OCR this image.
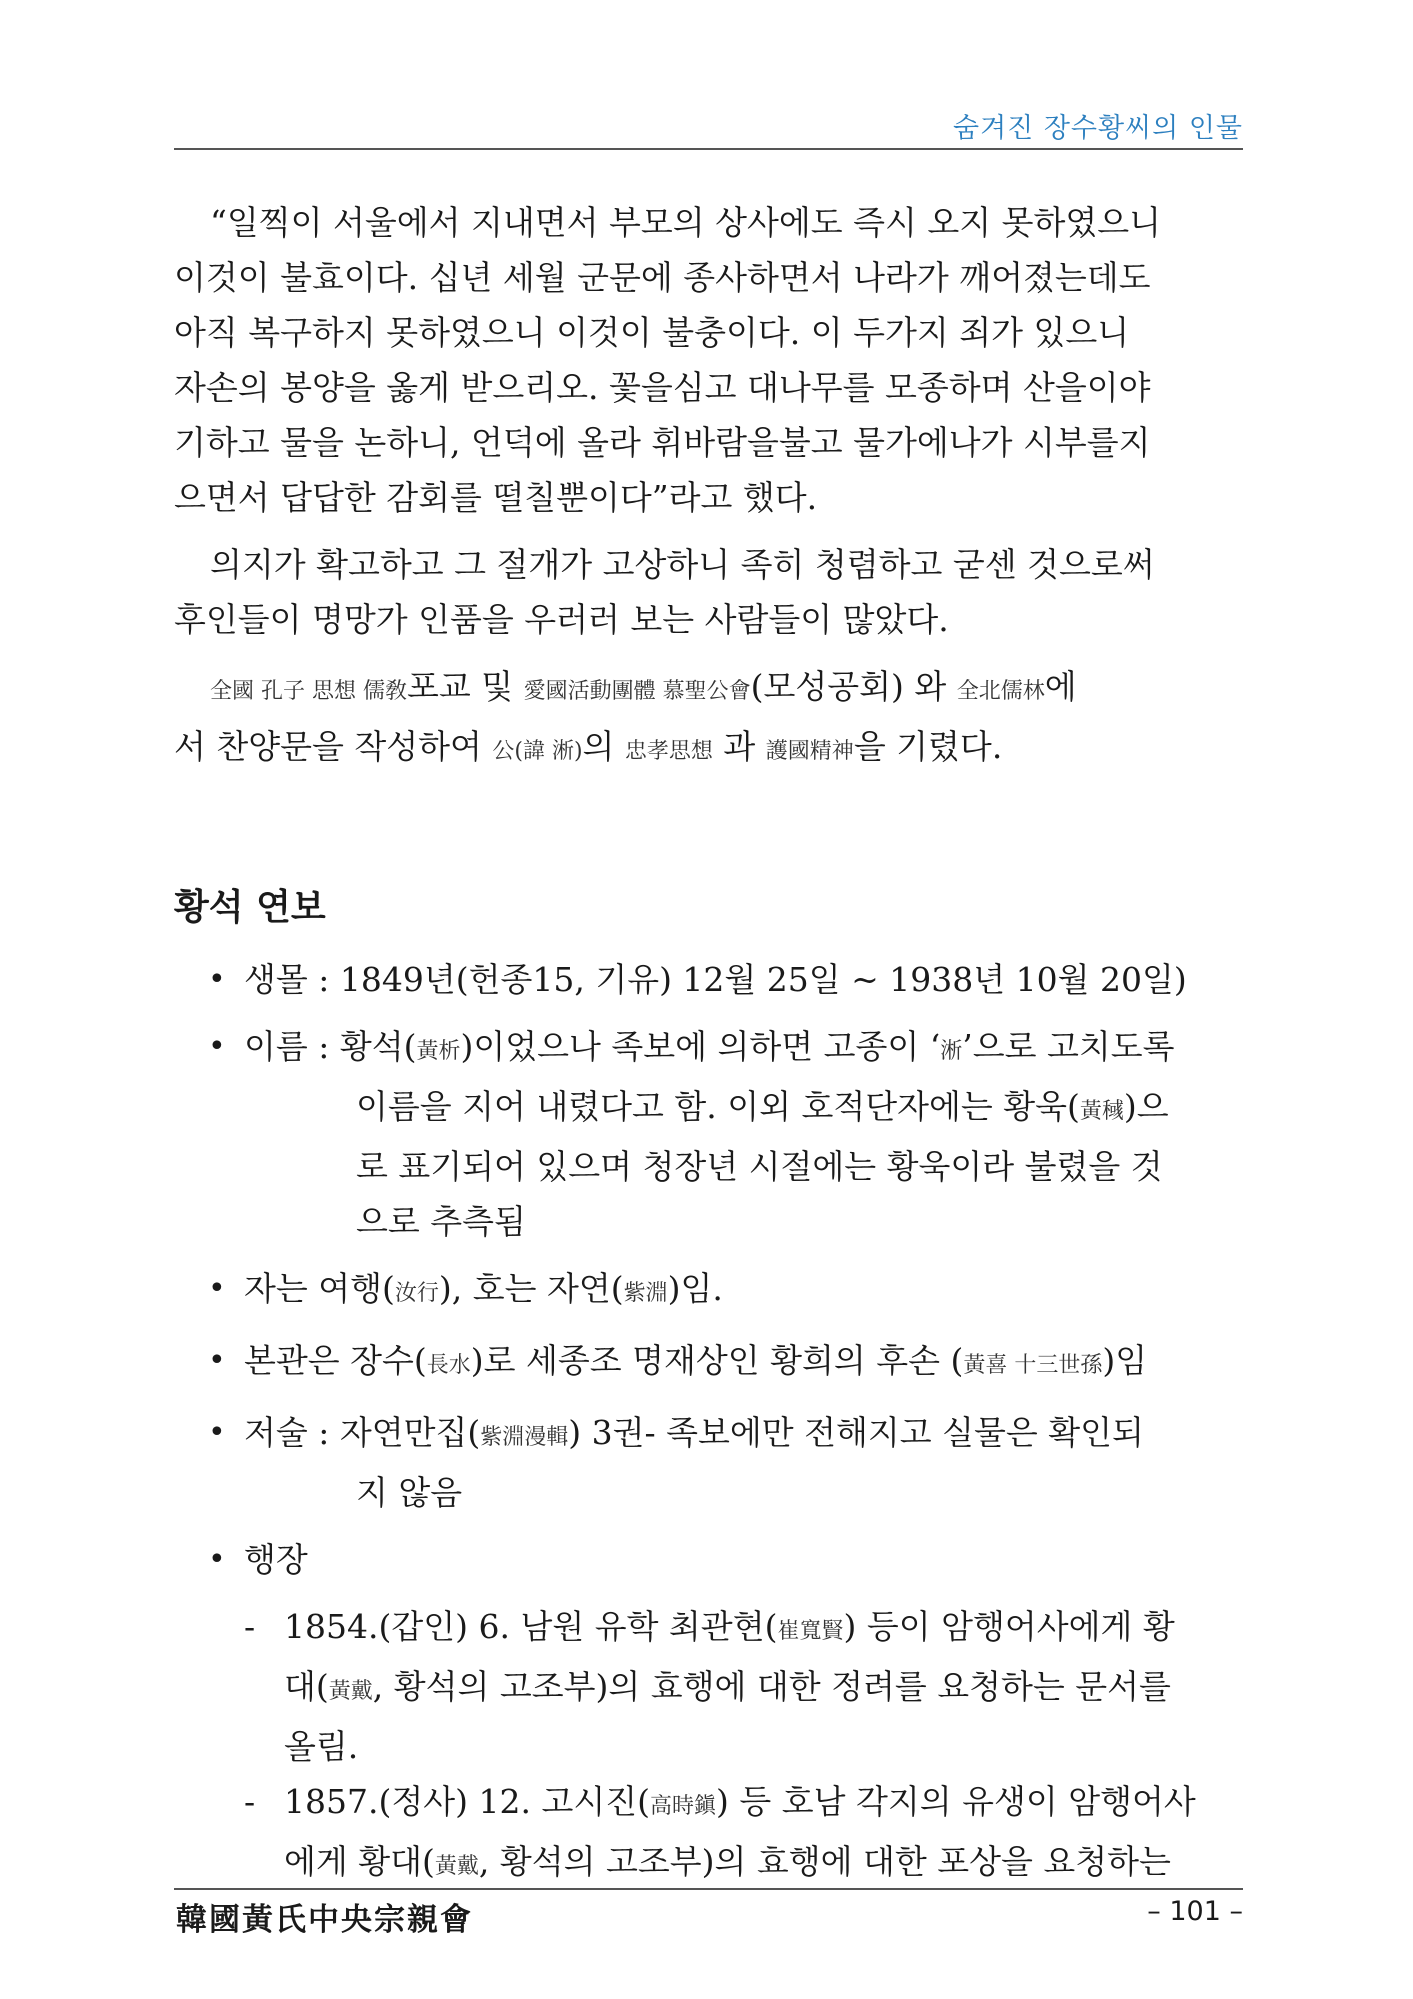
숨겨진 장수황씨의 인물

“일찍이 서울에서 지내면서 부모의 상사에도 즉시 오지 못하였으니
이것이 불효이다. 십년 세월 군문에 종사하면서 나라가 깨어졌는데도
아직 복구하지 못하였으니 이것이 불충이다. 이 두가지 죄가 있으니
자손의 봉양을 옳게 받으리오. 꽃을심고 대나무를 모종하며 산을이야
기하고 물을 논하니, 언덕에 올라 휘바람을불고 물가에나가 시부를지
으면서 답답한 감회를 떨칠뿐이다”라고 했다.

의지가 확고하고 그 절개가 고상하니 족히 청렴하고 굳센 것으로써
후인들이 명망가 인품을 우러러 보는 사람들이 많았다.

全國 孔子 思想 儒敎포교 및 愛國活動團體 慕聖公會(모성공회) 와 全北儒林에
서 찬양문을 작성하여 公(諱 淅)의 忠孝思想 과 護國精神을 기렸다.

황석 연보
• 생몰 : 1849년(헌종15, 기유) 12월 25일 ~ 1938년 10월 20일)
• 이름 : 황석(黃析)이었으나 족보에 의하면 고종이 ‘淅’으로 고치도록
이름을 지어 내렸다고 함. 이외 호적단자에는 황욱(黃稶)으
로 표기되어 있으며 청장년 시절에는 황욱이라 불렸을 것
으로 추측됨
• 자는 여행(汝行), 호는 자연(紫淵)임.
• 본관은 장수(長水)로 세종조 명재상인 황희의 후손 (黃喜 十三世孫)임
• 저술 : 자연만집(紫淵漫輯) 3권- 족보에만 전해지고 실물은 확인되
지 않음
• 행장
- 1854.(갑인) 6. 남원 유학 최관현(崔寬賢) 등이 암행어사에게 황
대(黃戴, 황석의 고조부)의 효행에 대한 정려를 요청하는 문서를
올림.
- 1857.(정사) 12. 고시진(高時鎭) 등 호남 각지의 유생이 암행어사
에게 황대(黃戴, 황석의 고조부)의 효행에 대한 포상을 요청하는
韓國黃氏中央宗親會	– 101 –
